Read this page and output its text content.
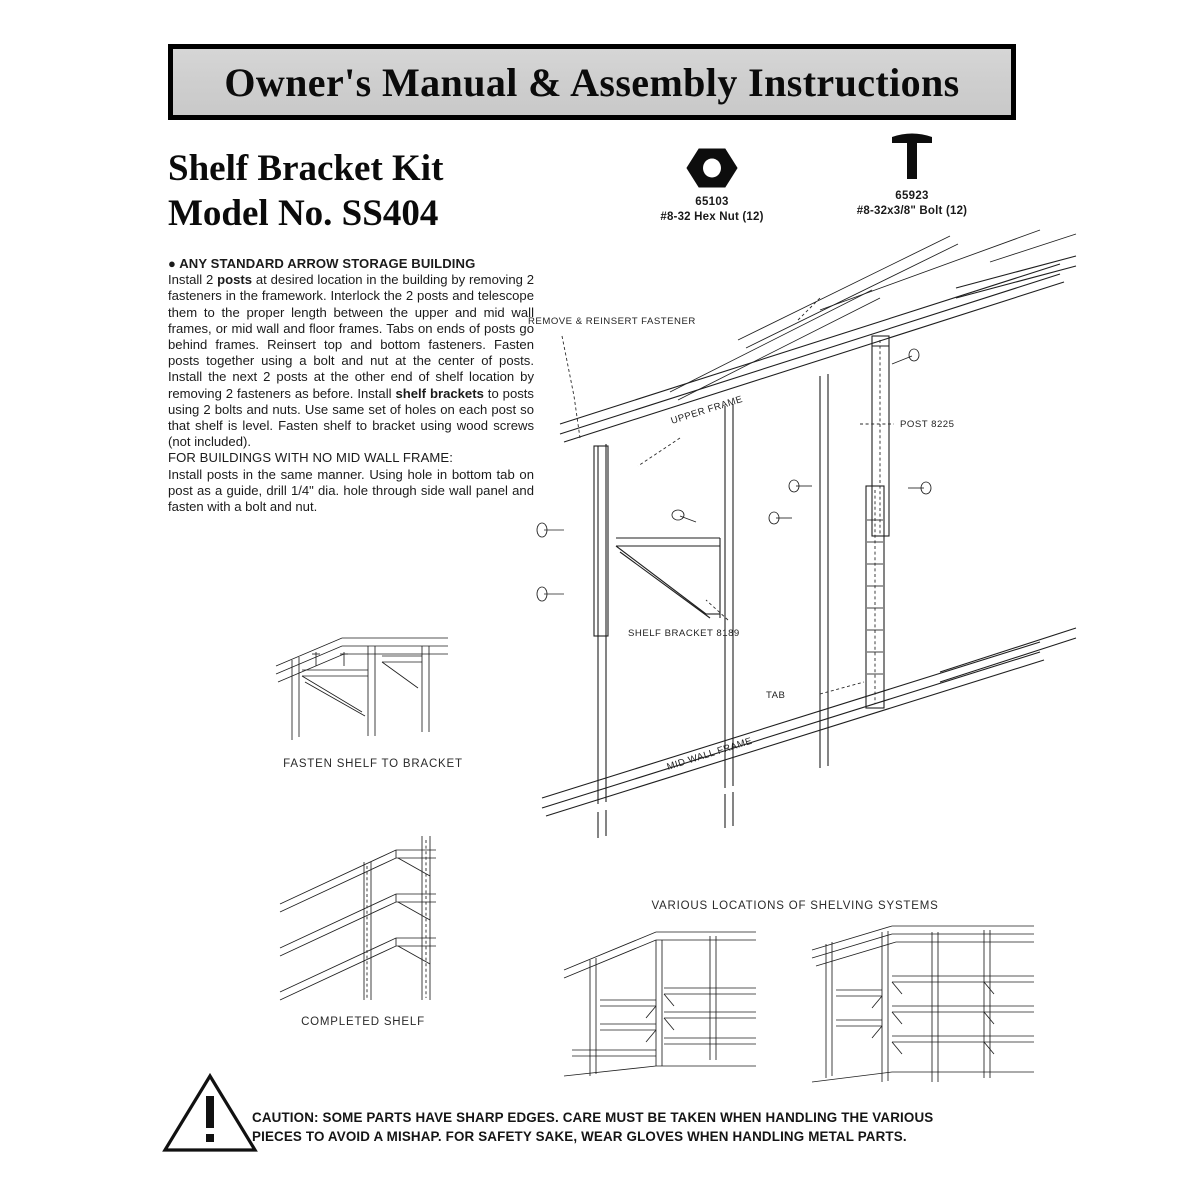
Owner's Manual & Assembly Instructions
Shelf Bracket Kit
Model No. SS404	65103
#8-32 Hex Nut (12)
65923
#8-32x3/8" Bolt (12)

● ANY STANDARD ARROW STORAGE BUILDING

Install 2 posts at desired location in the building by removing 2 fasteners in the framework. Interlock the 2 posts and telescope them to the proper length between the upper and mid wall frames, or mid wall and floor frames. Tabs on ends of posts go behind frames. Reinsert top and bottom fasteners. Fasten posts together using a bolt and nut at the center of posts. Install the next 2 posts at the other end of shelf location by removing 2 fasteners as before. Install shelf brackets to posts using 2 bolts and nuts. Use same set of holes on each post so that shelf is level. Fasten shelf to bracket using wood screws (not included).

FOR BUILDINGS WITH NO MID WALL FRAME:

Install posts in the same manner. Using hole in bottom tab on post as a guide, drill 1/4" dia. hole through side wall panel and fasten with a bolt and nut.

REMOVE & REINSERT FASTENER
UPPER FRAME	POST 8225
SHELF BRACKET 8189
TAB
MID WALL FRAME
FASTEN SHELF TO BRACKET
COMPLETED SHELF
VARIOUS LOCATIONS OF SHELVING SYSTEMS

CAUTION: SOME PARTS HAVE SHARP EDGES. CARE MUST BE TAKEN WHEN HANDLING THE VARIOUS

PIECES TO AVOID A MISHAP. FOR SAFETY SAKE, WEAR GLOVES WHEN HANDLING METAL PARTS.
